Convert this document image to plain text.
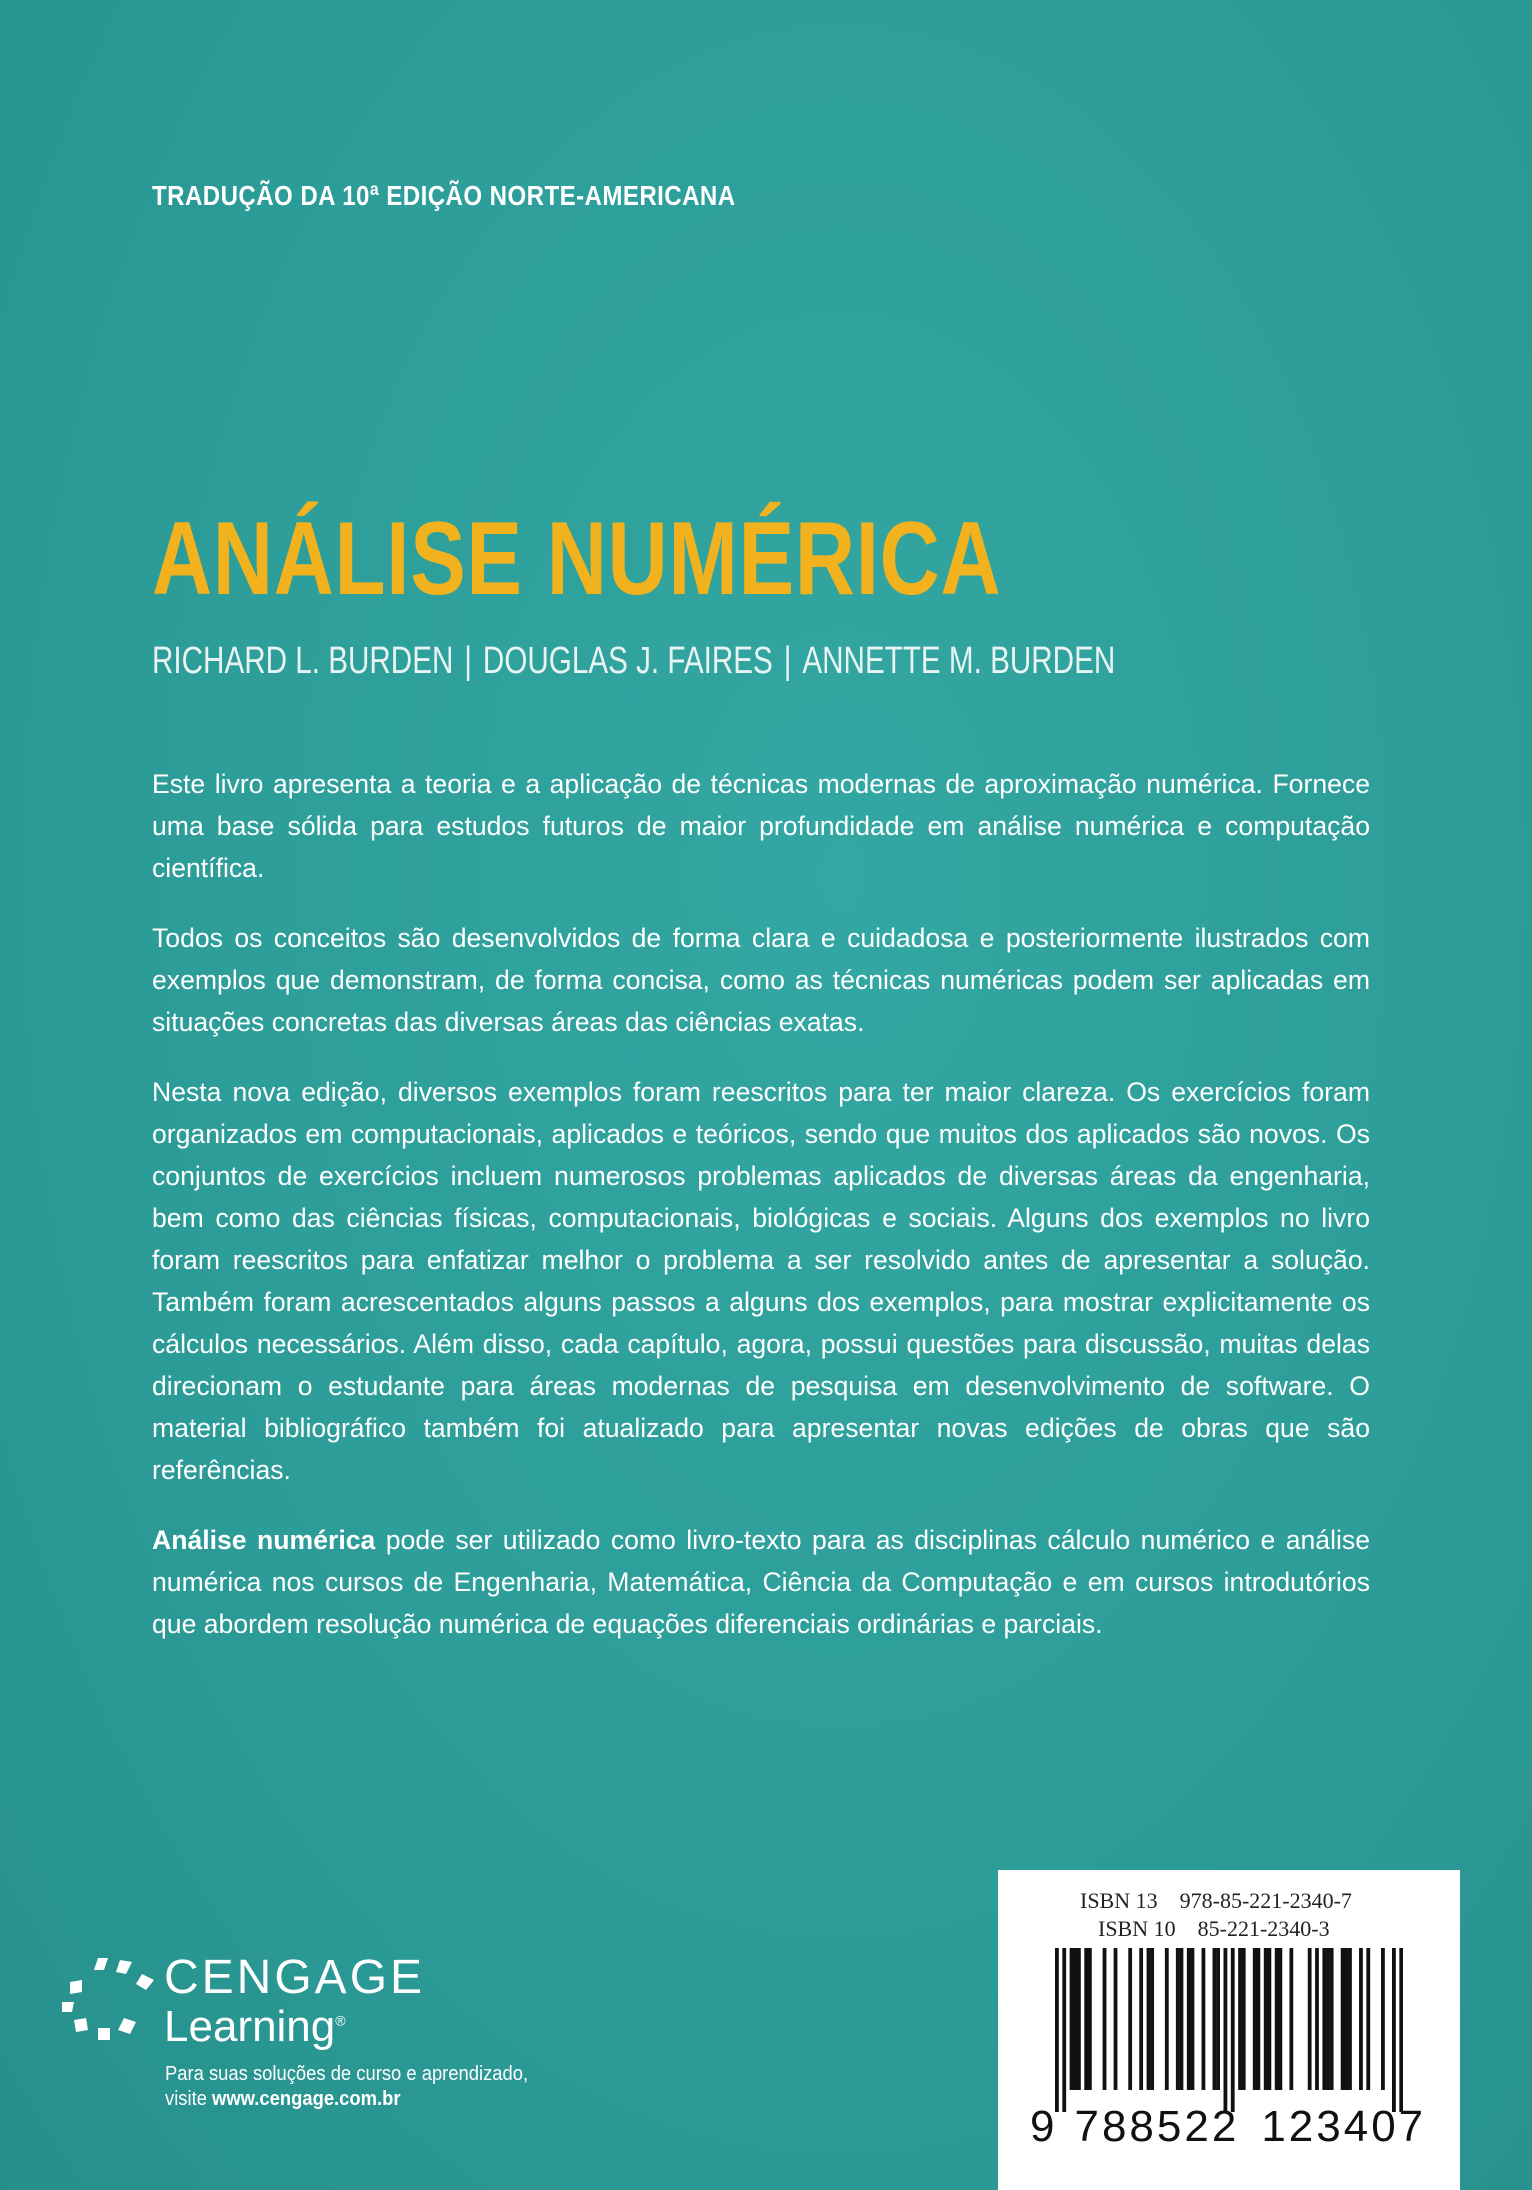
TRADUÇÃO DA 10ª EDIÇÃO NORTE-AMERICANA
ANÁLISE NUMÉRICA
RICHARD L. BURDEN | DOUGLAS J. FAIRES | ANNETTE M. BURDEN

Este livro apresenta a teoria e a aplicação de técnicas modernas de aproximação numérica. Fornece uma base sólida para estudos futuros de maior profundidade em análise numérica e computação científica.

Todos os conceitos são desenvolvidos de forma clara e cuidadosa e posteriormente ilustrados com exemplos que demonstram, de forma concisa, como as técnicas numéricas podem ser aplicadas em situações concretas das diversas áreas das ciências exatas.

Nesta nova edição, diversos exemplos foram reescritos para ter maior clareza. Os exercícios foram organizados em computacionais, aplicados e teóricos, sendo que muitos dos aplicados são novos. Os conjuntos de exercícios incluem numerosos problemas aplicados de diversas áreas da engenharia, bem como das ciências físicas, computacionais, biológicas e sociais. Alguns dos exemplos no livro foram reescritos para enfatizar melhor o problema a ser resolvido antes de apresentar a solução. Também foram acrescentados alguns passos a alguns dos exemplos, para mostrar explicitamente os cálculos necessários. Além disso, cada capítulo, agora, possui questões para discussão, muitas delas direcionam o estudante para áreas modernas de pesquisa em desenvolvimento de software. O material bibliográfico também foi atualizado para apresentar novas edições de obras que são referências.

Análise numérica pode ser utilizado como livro-texto para as disciplinas cálculo numérico e análise numérica nos cursos de Engenharia, Matemática, Ciência da Computação e em cursos introdutórios que abordem resolução numérica de equações diferenciais ordinárias e parciais.

CENGAGE
Learning®
Para suas soluções de curso e aprendizado,
visite www.cengage.com.br
ISBN 13 978-85-221-2340-7
ISBN 10 85-221-2340-3
9 788522 123407
